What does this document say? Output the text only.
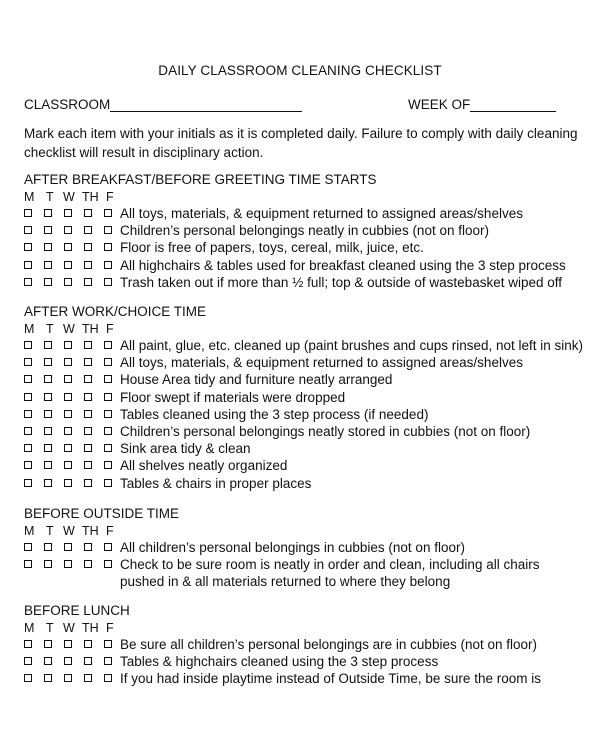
DAILY CLASSROOM CLEANING CHECKLIST
CLASSROOM	WEEK OF
Mark each item with your initials as it is completed daily. Failure to comply with daily cleaning checklist will result in disciplinary action.
AFTER BREAKFAST/BEFORE GREETING TIME STARTS
M T W TH F
All toys, materials, & equipment returned to assigned areas/shelves
Children’s personal belongings neatly in cubbies (not on floor)
Floor is free of papers, toys, cereal, milk, juice, etc.
All highchairs & tables used for breakfast cleaned using the 3 step process
Trash taken out if more than ½ full; top & outside of wastebasket wiped off
AFTER WORK/CHOICE TIME
M T W TH F
All paint, glue, etc. cleaned up (paint brushes and cups rinsed, not left in sink)
All toys, materials, & equipment returned to assigned areas/shelves
House Area tidy and furniture neatly arranged
Floor swept if materials were dropped
Tables cleaned using the 3 step process (if needed)
Children’s personal belongings neatly stored in cubbies (not on floor)
Sink area tidy & clean
All shelves neatly organized
Tables & chairs in proper places
BEFORE OUTSIDE TIME
M T W TH F
All children’s personal belongings in cubbies (not on floor)
Check to be sure room is neatly in order and clean, including all chairs pushed in & all materials returned to where they belong
BEFORE LUNCH
M T W TH F
Be sure all children’s personal belongings are in cubbies (not on floor)
Tables & highchairs cleaned using the 3 step process
If you had inside playtime instead of Outside Time, be sure the room is
